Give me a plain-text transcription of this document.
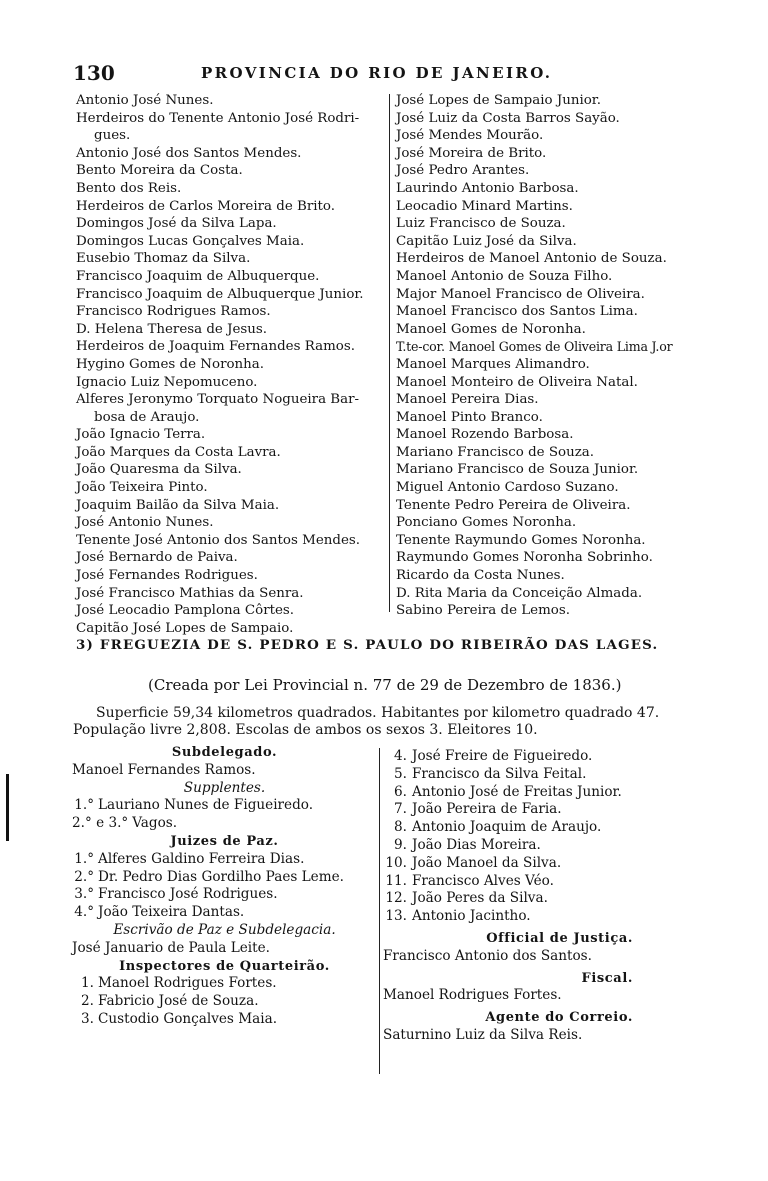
130	PROVINCIA DO RIO DE JANEIRO.
Antonio José Nunes.
Herdeiros do Tenente Antonio José Rodri-
gues.
Antonio José dos Santos Mendes.
Bento Moreira da Costa.
Bento dos Reis.
Herdeiros de Carlos Moreira de Brito.
Domingos José da Silva Lapa.
Domingos Lucas Gonçalves Maia.
Eusebio Thomaz da Silva.
Francisco Joaquim de Albuquerque.
Francisco Joaquim de Albuquerque Junior.
Francisco Rodrigues Ramos.
D. Helena Theresa de Jesus.
Herdeiros de Joaquim Fernandes Ramos.
Hygino Gomes de Noronha.
Ignacio Luiz Nepomuceno.
Alferes Jeronymo Torquato Nogueira Bar-
bosa de Araujo.
João Ignacio Terra.
João Marques da Costa Lavra.
João Quaresma da Silva.
João Teixeira Pinto.
Joaquim Bailão da Silva Maia.
José Antonio Nunes.
Tenente José Antonio dos Santos Mendes.
José Bernardo de Paiva.
José Fernandes Rodrigues.
José Francisco Mathias da Senra.
José Leocadio Pamplona Côrtes.
Capitão José Lopes de Sampaio.
José Lopes de Sampaio Junior.
José Luiz da Costa Barros Sayão.
José Mendes Mourão.
José Moreira de Brito.
José Pedro Arantes.
Laurindo Antonio Barbosa.
Leocadio Minard Martins.
Luiz Francisco de Souza.
Capitão Luiz José da Silva.
Herdeiros de Manoel Antonio de Souza.
Manoel Antonio de Souza Filho.
Major Manoel Francisco de Oliveira.
Manoel Francisco dos Santos Lima.
Manoel Gomes de Noronha.
T.te-cor. Manoel Gomes de Oliveira Lima J.or
Manoel Marques Alimandro.
Manoel Monteiro de Oliveira Natal.
Manoel Pereira Dias.
Manoel Pinto Branco.
Manoel Rozendo Barbosa.
Mariano Francisco de Souza.
Mariano Francisco de Souza Junior.
Miguel Antonio Cardoso Suzano.
Tenente Pedro Pereira de Oliveira.
Ponciano Gomes Noronha.
Tenente Raymundo Gomes Noronha.
Raymundo Gomes Noronha Sobrinho.
Ricardo da Costa Nunes.
D. Rita Maria da Conceição Almada.
Sabino Pereira de Lemos.
3) FREGUEZIA DE S. PEDRO E S. PAULO DO RIBEIRÃO DAS LAGES.
(Creada por Lei Provincial n. 77 de 29 de Dezembro de 1836.)
Superficie 59,34 kilometros quadrados. Habitantes por kilometro quadrado 47.
População livre 2,808. Escolas de ambos os sexos 3. Eleitores 10.
Subdelegado.
Manoel Fernandes Ramos.
Supplentes.
1.° Lauriano Nunes de Figueiredo.
2.° e 3.° Vagos.
Juizes de Paz.
1.° Alferes Galdino Ferreira Dias.
2.° Dr. Pedro Dias Gordilho Paes Leme.
3.° Francisco José Rodrigues.
4.° João Teixeira Dantas.
Escrivão de Paz e Subdelegacia.
José Januario de Paula Leite.
Inspectores de Quarteirão.
1. Manoel Rodrigues Fortes.
2. Fabricio José de Souza.
3. Custodio Gonçalves Maia.
4. José Freire de Figueiredo.
5. Francisco da Silva Feital.
6. Antonio José de Freitas Junior.
7. João Pereira de Faria.
8. Antonio Joaquim de Araujo.
9. João Dias Moreira.
10. João Manoel da Silva.
11. Francisco Alves Véo.
12. João Peres da Silva.
13. Antonio Jacintho.
Official de Justiça.
Francisco Antonio dos Santos.
Fiscal.
Manoel Rodrigues Fortes.
Agente do Correio.
Saturnino Luiz da Silva Reis.
